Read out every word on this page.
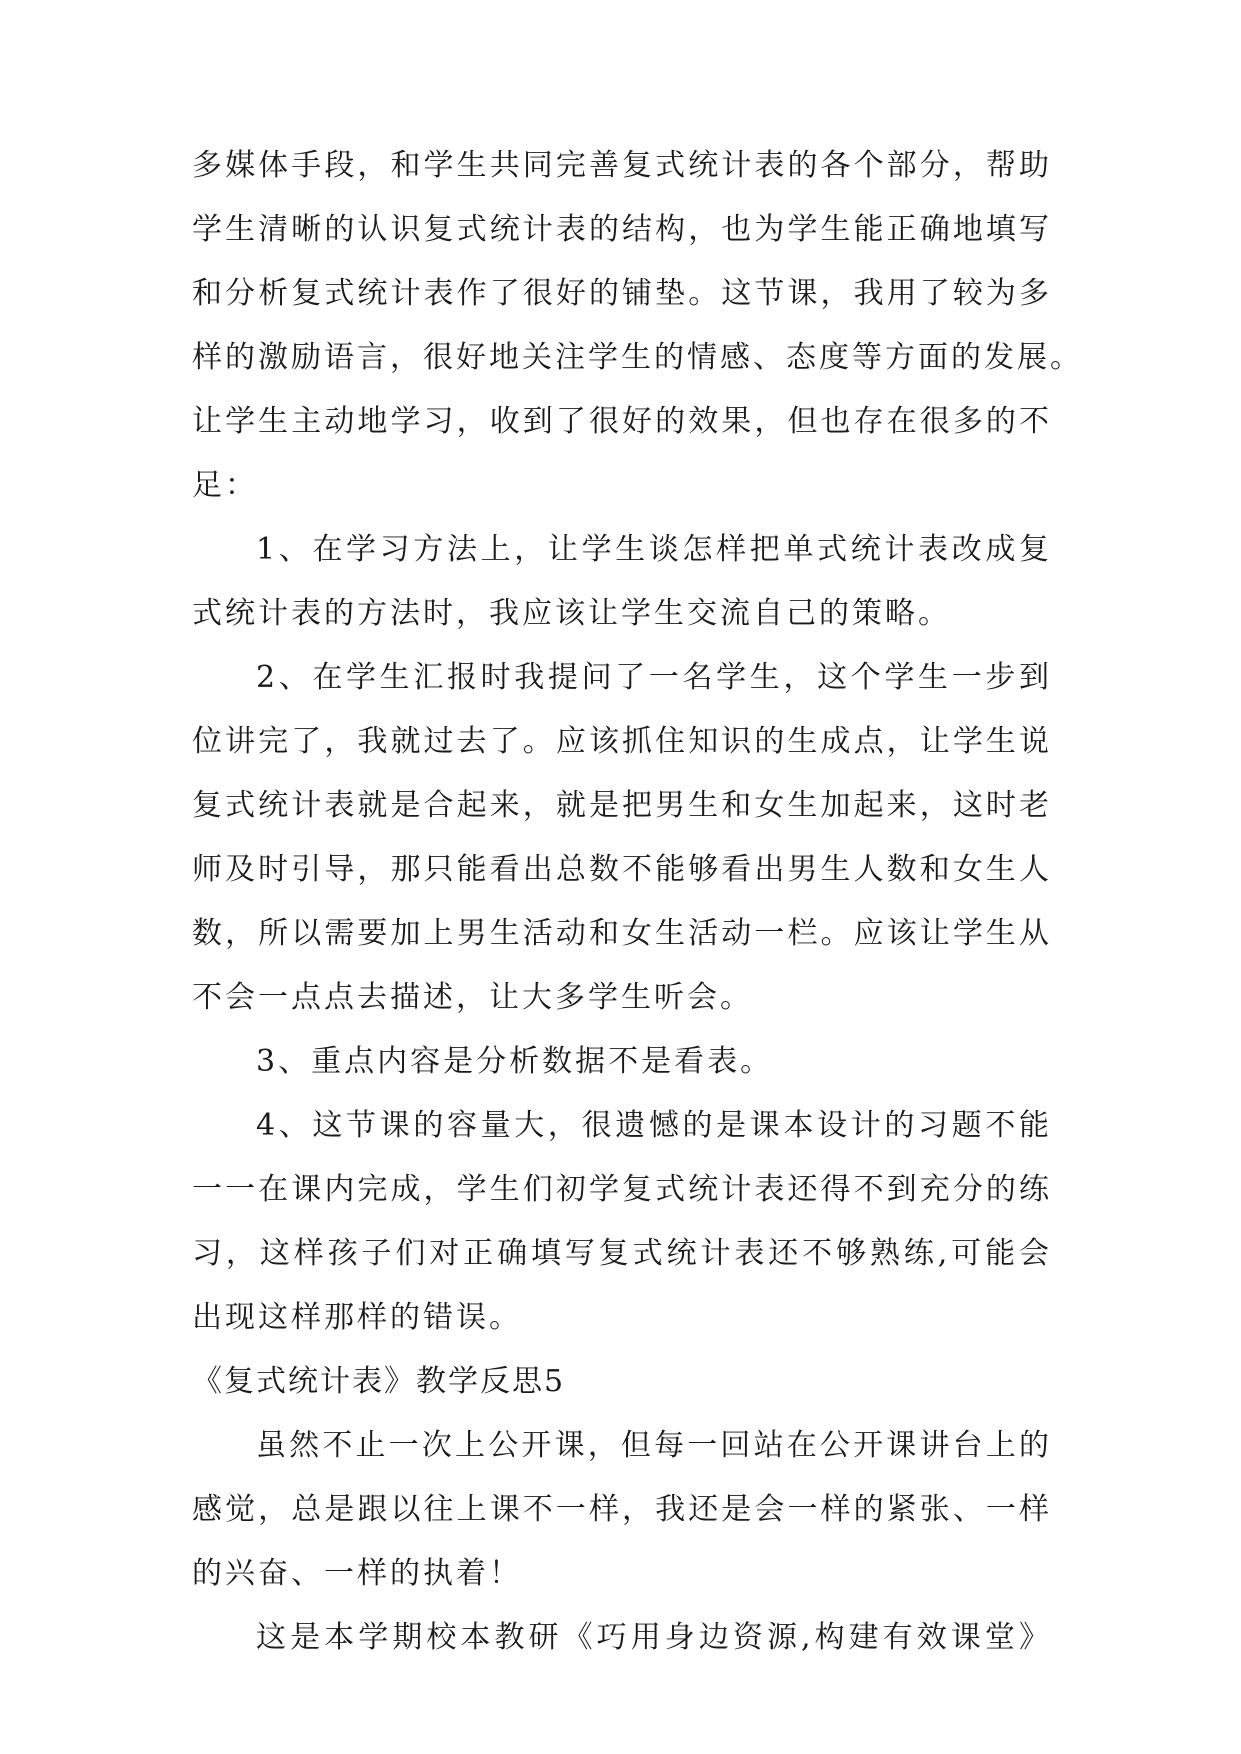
多媒体手段，和学生共同完善复式统计表的各个部分，帮助
学生清晰的认识复式统计表的结构，也为学生能正确地填写
和分析复式统计表作了很好的铺垫。这节课，我用了较为多
样的激励语言，很好地关注学生的情感、态度等方面的发展。
让学生主动地学习，收到了很好的效果，但也存在很多的不
足：
1、在学习方法上，让学生谈怎样把单式统计表改成复
式统计表的方法时，我应该让学生交流自己的策略。
2、在学生汇报时我提问了一名学生，这个学生一步到
位讲完了，我就过去了。应该抓住知识的生成点，让学生说
复式统计表就是合起来，就是把男生和女生加起来，这时老
师及时引导，那只能看出总数不能够看出男生人数和女生人
数，所以需要加上男生活动和女生活动一栏。应该让学生从
不会一点点去描述，让大多学生听会。
3、重点内容是分析数据不是看表。
4、这节课的容量大，很遗憾的是课本设计的习题不能
一一在课内完成，学生们初学复式统计表还得不到充分的练
习，这样孩子们对正确填写复式统计表还不够熟练,可能会
出现这样那样的错误。
《复式统计表》教学反思5
虽然不止一次上公开课，但每一回站在公开课讲台上的
感觉，总是跟以往上课不一样，我还是会一样的紧张、一样
的兴奋、一样的执着！
这是本学期校本教研《巧用身边资源,构建有效课堂》
